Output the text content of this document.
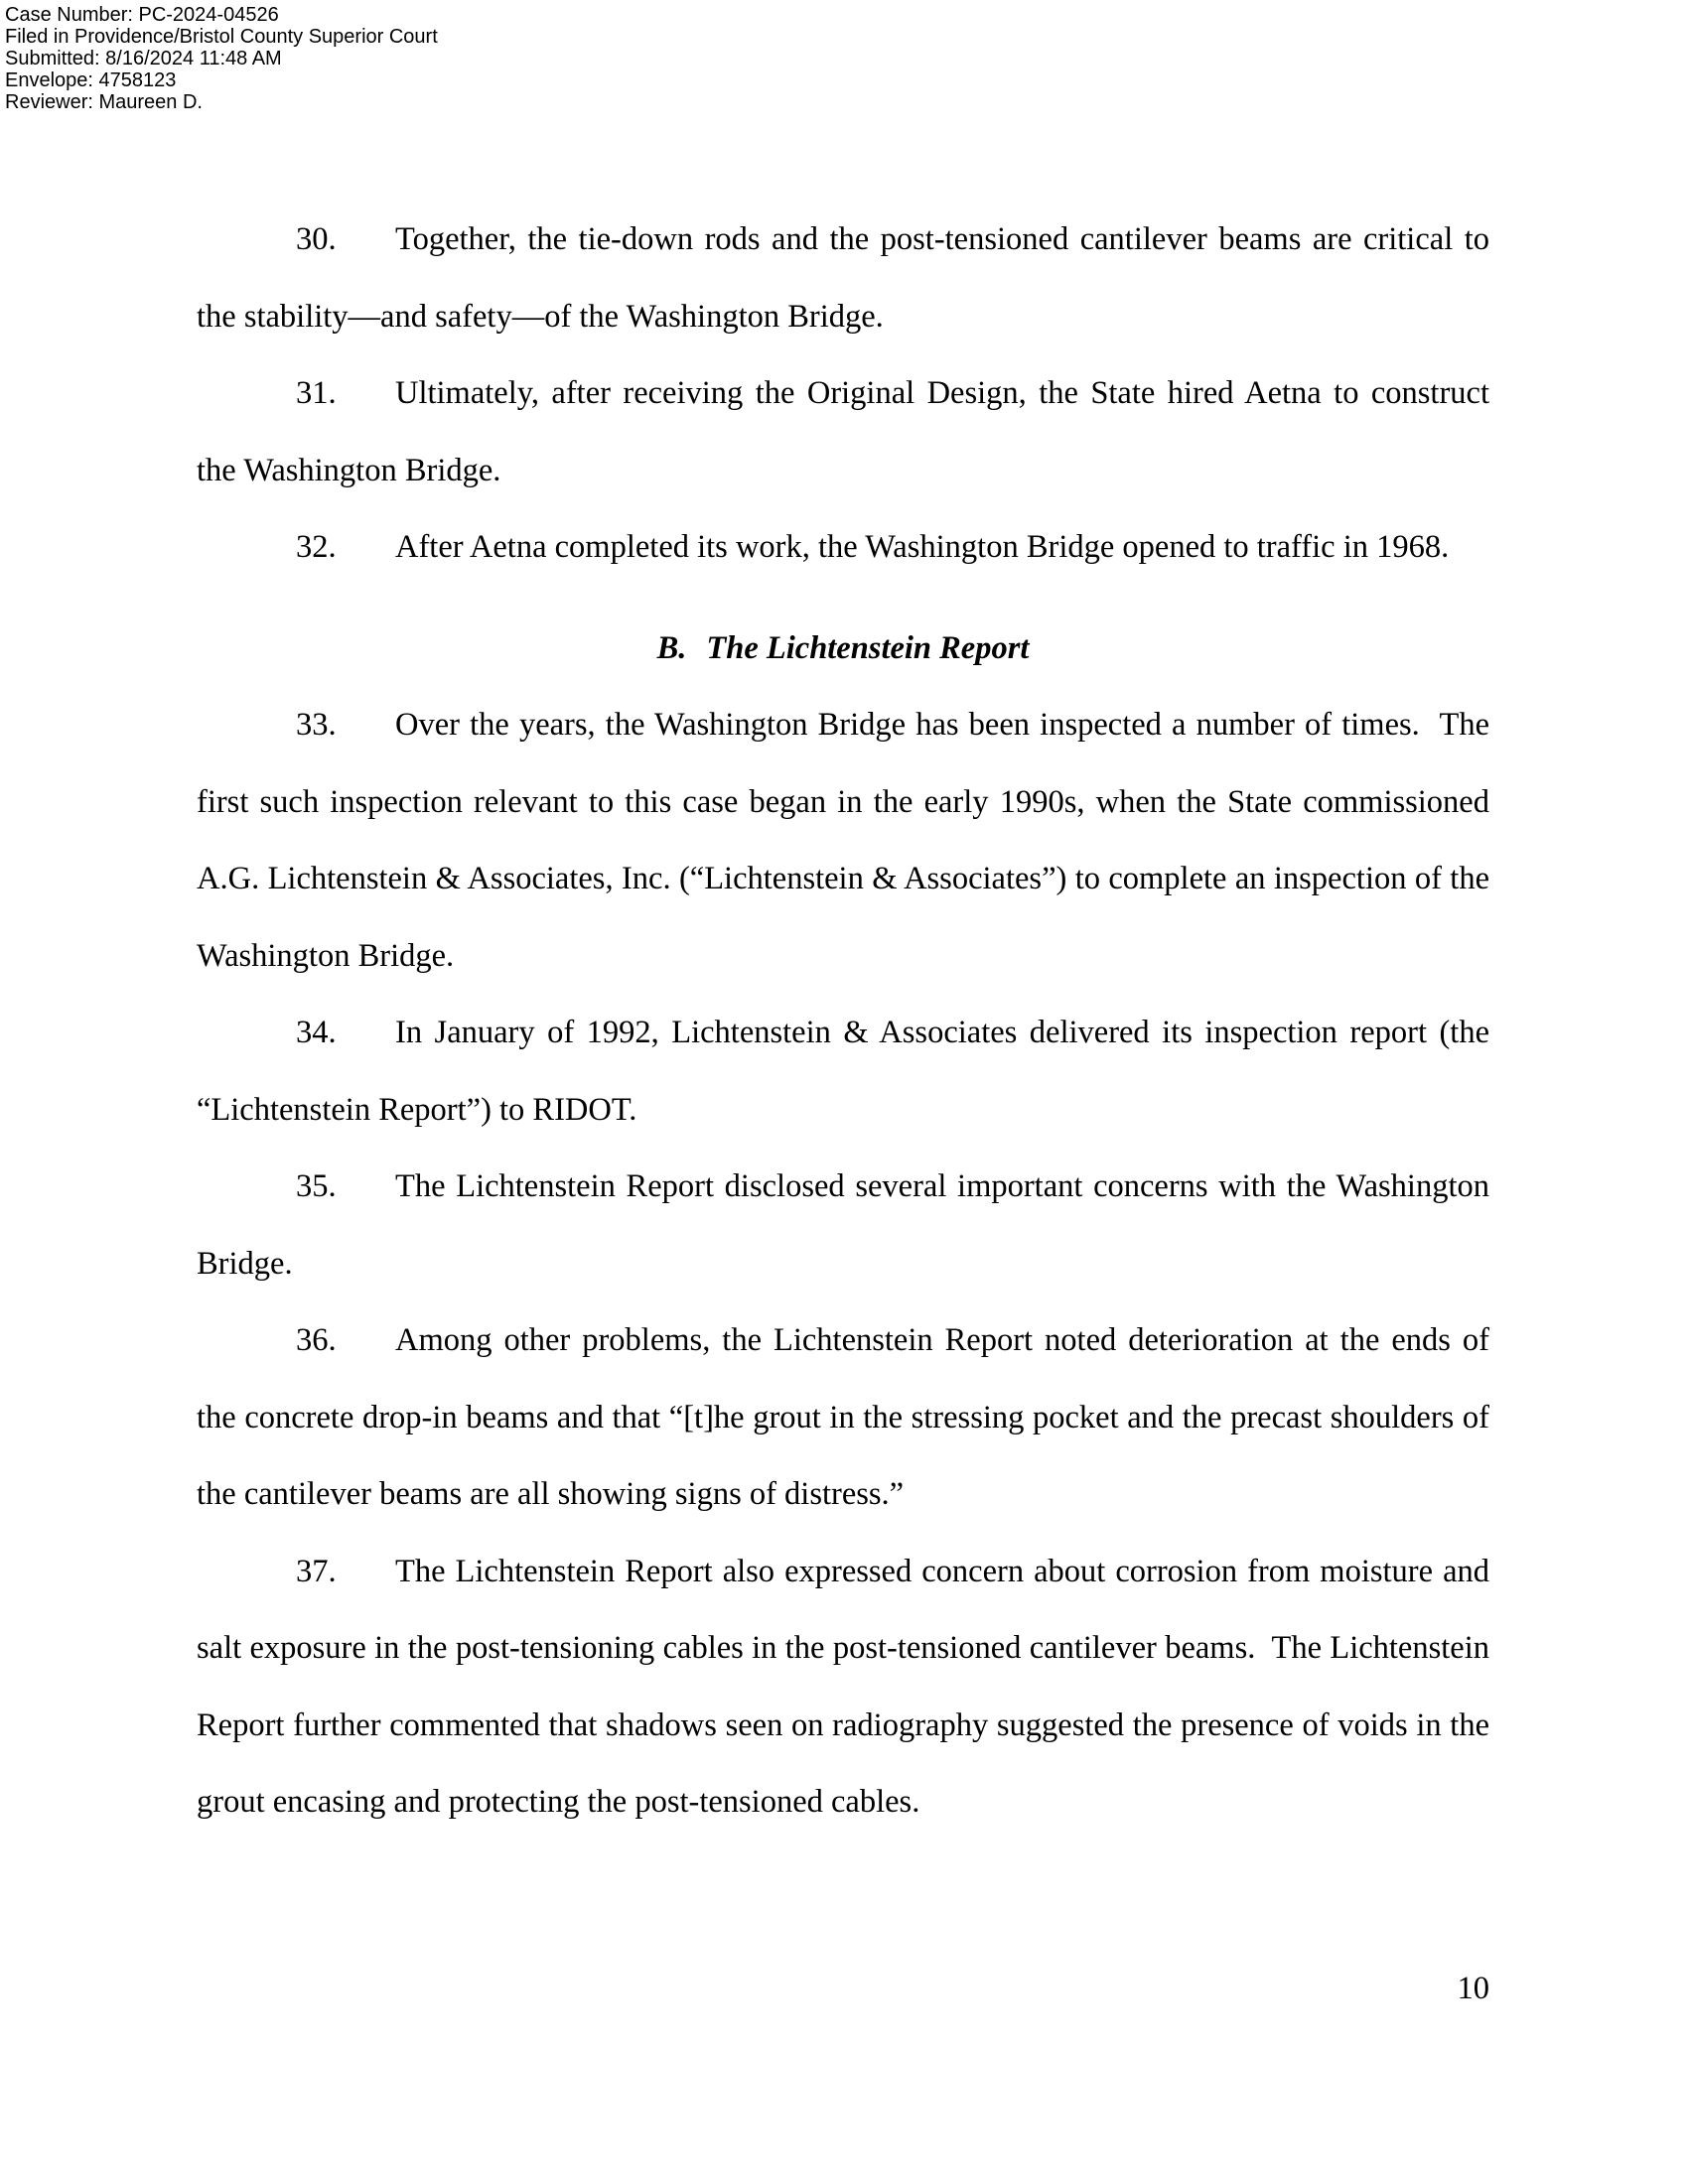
Case Number: PC-2024-04526
Filed in Providence/Bristol County Superior Court
Submitted: 8/16/2024 11:48 AM
Envelope: 4758123
Reviewer: Maureen D.

30. Together, the tie-down rods and the post-tensioned cantilever beams are critical to the stability—and safety—of the Washington Bridge.

31. Ultimately, after receiving the Original Design, the State hired Aetna to construct the Washington Bridge.

32. After Aetna completed its work, the Washington Bridge opened to traffic in 1968.

B. The Lichtenstein Report

33. Over the years, the Washington Bridge has been inspected a number of times.  The first such inspection relevant to this case began in the early 1990s, when the State commissioned A.G. Lichtenstein & Associates, Inc. (“Lichtenstein & Associates”) to complete an inspection of the Washington Bridge.

34. In January of 1992, Lichtenstein & Associates delivered its inspection report (the “Lichtenstein Report”) to RIDOT.

35. The Lichtenstein Report disclosed several important concerns with the Washington Bridge.

36. Among other problems, the Lichtenstein Report noted deterioration at the ends of the concrete drop-in beams and that “[t]he grout in the stressing pocket and the precast shoulders of the cantilever beams are all showing signs of distress.”

37. The Lichtenstein Report also expressed concern about corrosion from moisture and salt exposure in the post-tensioning cables in the post-tensioned cantilever beams.  The Lichtenstein Report further commented that shadows seen on radiography suggested the presence of voids in the grout encasing and protecting the post-tensioned cables.

10
